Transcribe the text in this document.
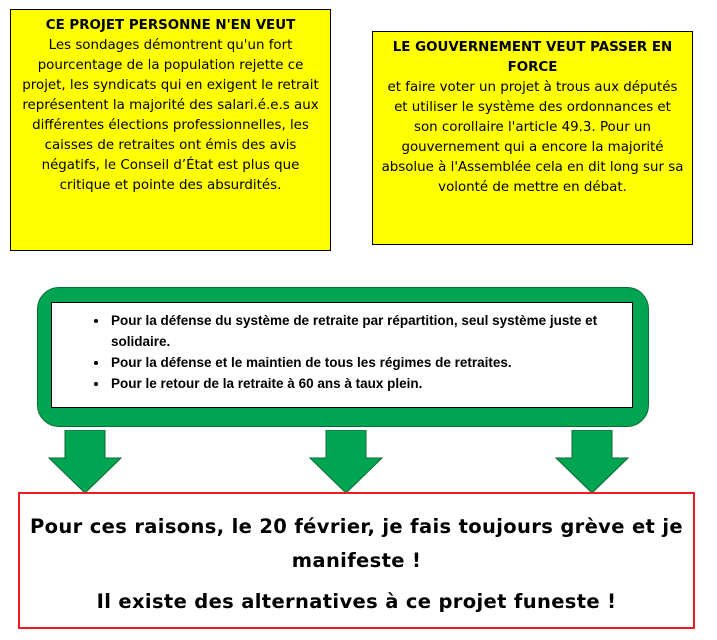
CE PROJET PERSONNE N'EN VEUT
Les sondages démontrent qu'un fort pourcentage de la population rejette ce projet, les syndicats qui en exigent le retrait représentent la majorité des salari.é.e.s aux différentes élections professionnelles, les caisses de retraites ont émis des avis négatifs, le Conseil d’État est plus que critique et pointe des absurdités.
LE GOUVERNEMENT VEUT PASSER EN FORCE
et faire voter un projet à trous aux députés et utiliser le système des ordonnances et son corollaire l'article 49.3. Pour un gouvernement qui a encore la majorité absolue à l'Assemblée cela en dit long sur sa volonté de mettre en débat.
• Pour la défense du système de retraite par répartition, seul système juste et solidaire.
• Pour la défense et le maintien de tous les régimes de retraites.
• Pour le retour de la retraite à 60 ans à taux plein.
Pour ces raisons, le 20 février, je fais toujours grève et je manifeste !
Il existe des alternatives à ce projet funeste !
